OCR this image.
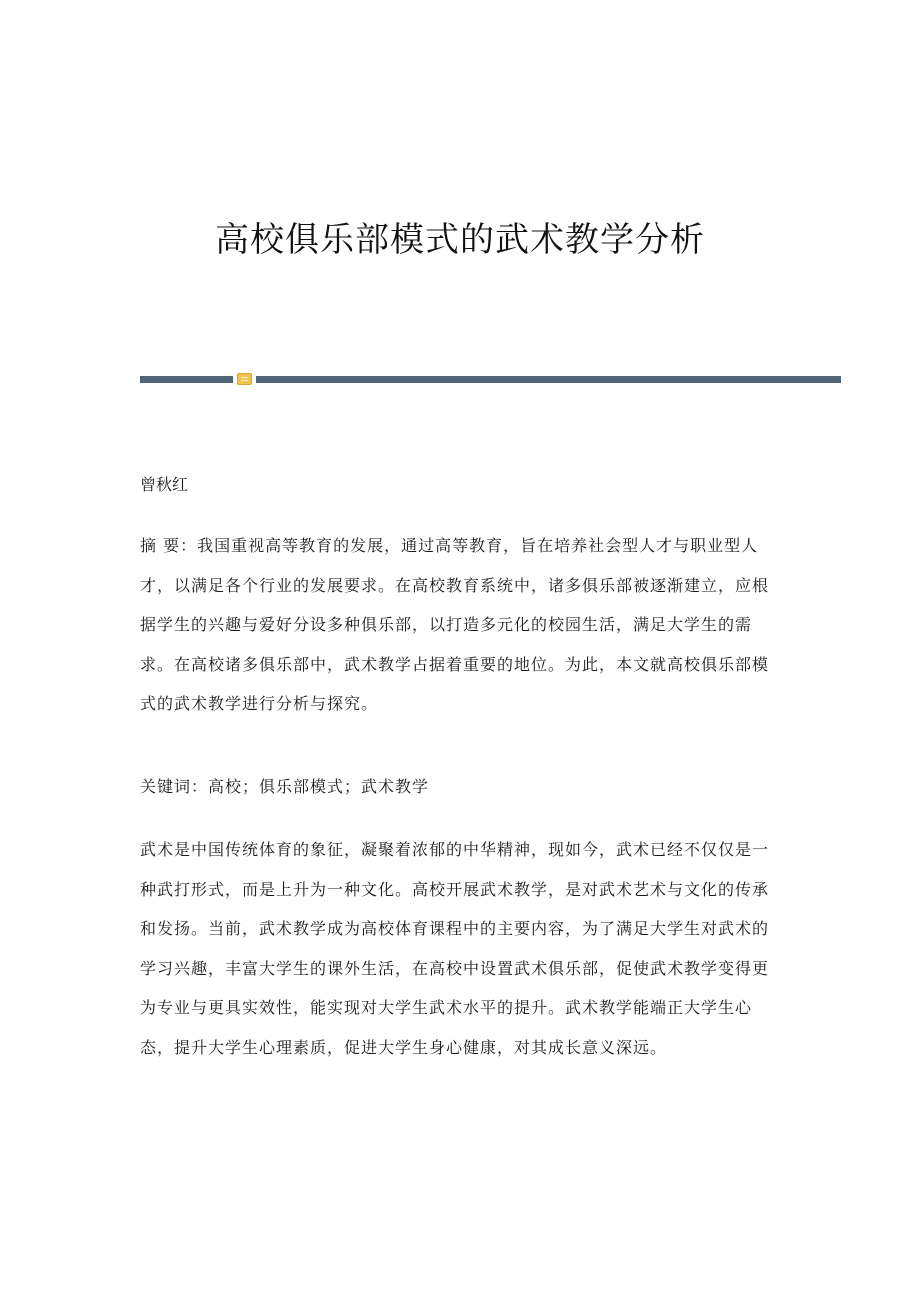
高校俱乐部模式的武术教学分析

曾秋红

摘 要：我国重视高等教育的发展，通过高等教育，旨在培养社会型人才与职业型人才，以满足各个行业的发展要求。在高校教育系统中，诸多俱乐部被逐渐建立，应根据学生的兴趣与爱好分设多种俱乐部，以打造多元化的校园生活，满足大学生的需求。在高校诸多俱乐部中，武术教学占据着重要的地位。为此，本文就高校俱乐部模式的武术教学进行分析与探究。

关键词：高校；俱乐部模式；武术教学

武术是中国传统体育的象征，凝聚着浓郁的中华精神，现如今，武术已经不仅仅是一种武打形式，而是上升为一种文化。高校开展武术教学，是对武术艺术与文化的传承和发扬。当前，武术教学成为高校体育课程中的主要内容，为了满足大学生对武术的学习兴趣，丰富大学生的课外生活，在高校中设置武术俱乐部，促使武术教学变得更为专业与更具实效性，能实现对大学生武术水平的提升。武术教学能端正大学生心态，提升大学生心理素质，促进大学生身心健康，对其成长意义深远。
